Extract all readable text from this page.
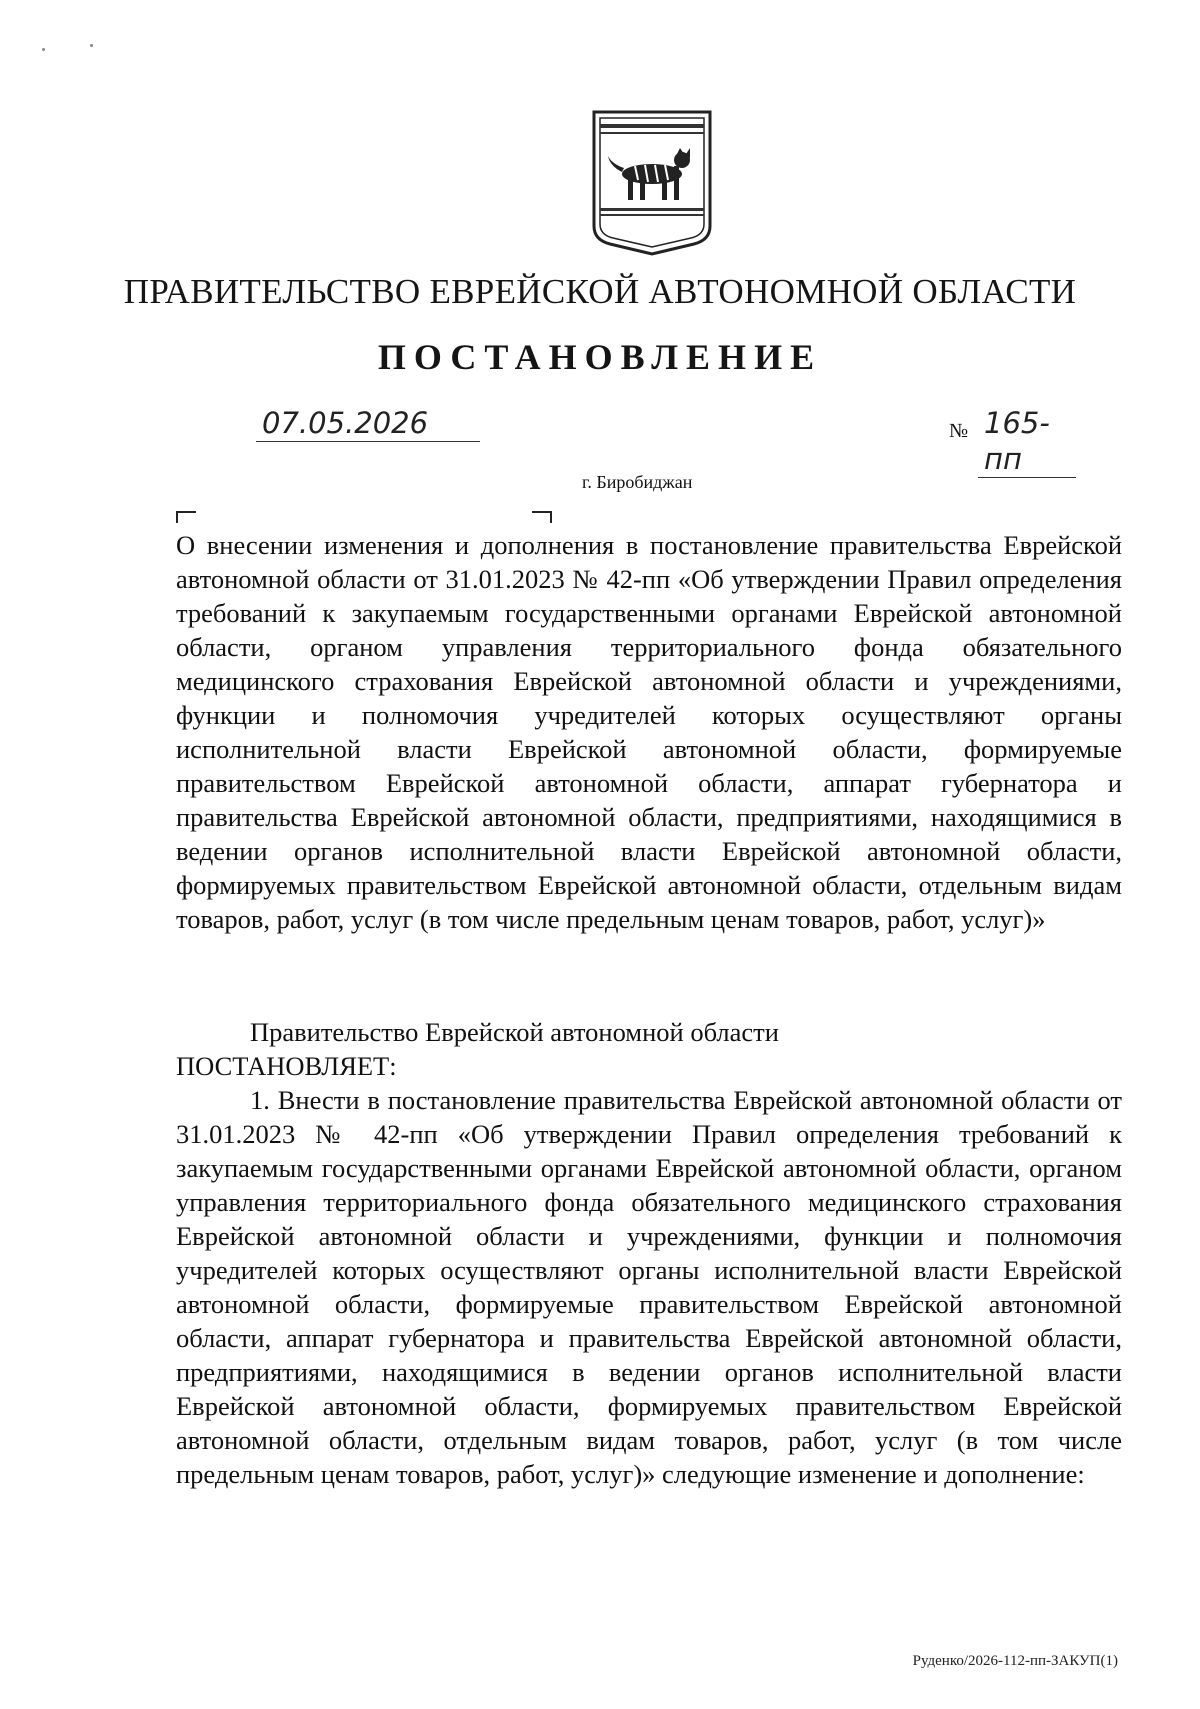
ПРАВИТЕЛЬСТВО ЕВРЕЙСКОЙ АВТОНОМНОЙ ОБЛАСТИ
ПОСТАНОВЛЕНИЕ
07.05.2026	№ 165-пп
г. Биробиджан

О внесении изменения и дополнения в постановление правительства Еврейской автономной области от 31.01.2023 № 42-пп «Об утверждении Правил определения требований к закупаемым государственными органами Еврейской автономной области, органом управления территориального фонда обязательного медицинского страхования Еврейской автономной области и учреждениями, функции и полномочия учредителей которых осуществляют органы исполнительной власти Еврейской автономной области, формируемые правительством Еврейской автономной области, аппарат губернатора и правительства Еврейской автономной области, предприятиями, находящимися в ведении органов исполнительной власти Еврейской автономной области, формируемых правительством Еврейской автономной области, отдельным видам товаров, работ, услуг (в том числе предельным ценам товаров, работ, услуг)»

Правительство Еврейской автономной области
ПОСТАНОВЛЯЕТ:

1. Внести в постановление правительства Еврейской автономной области от 31.01.2023 № 42-пп «Об утверждении Правил определения требований к закупаемым государственными органами Еврейской автономной области, органом управления территориального фонда обязательного медицинского страхования Еврейской автономной области и учреждениями, функции и полномочия учредителей которых осуществляют органы исполнительной власти Еврейской автономной области, формируемые правительством Еврейской автономной области, аппарат губернатора и правительства Еврейской автономной области, предприятиями, находящимися в ведении органов исполнительной власти Еврейской автономной области, формируемых правительством Еврейской автономной области, отдельным видам товаров, работ, услуг (в том числе предельным ценам товаров, работ, услуг)» следующие изменение и дополнение:

Руденко/2026-112-пп-ЗАКУП(1)
